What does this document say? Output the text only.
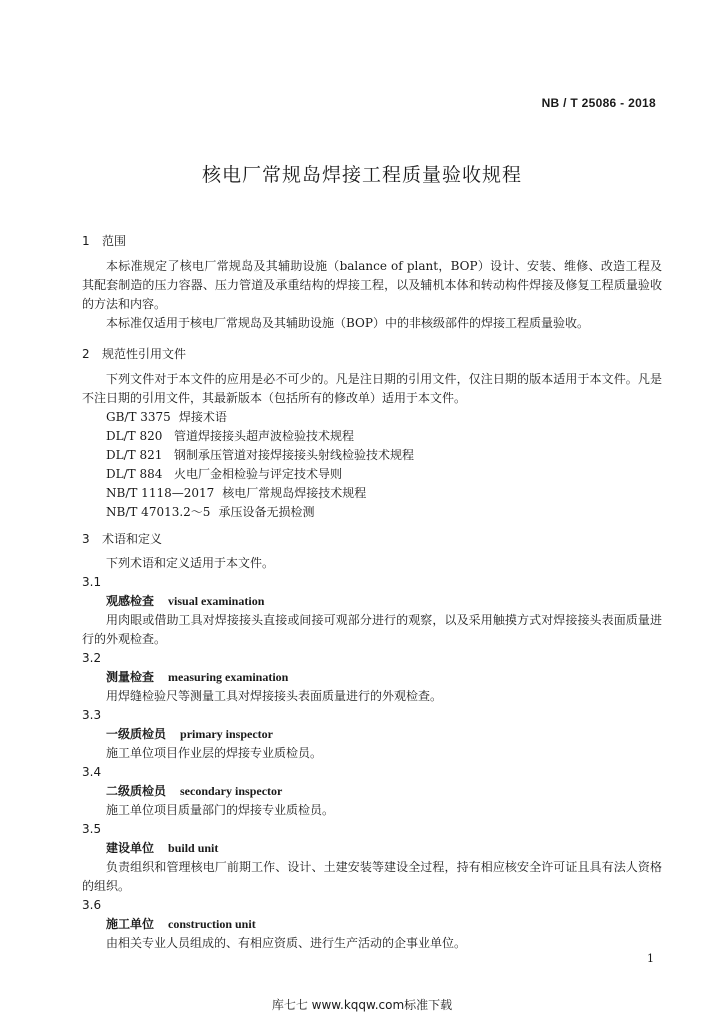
NB / T 25086 - 2018
核电厂常规岛焊接工程质量验收规程

1 范围

本标准规定了核电厂常规岛及其辅助设施（balance of plant，BOP）设计、安装、维修、改造工程及其配套制造的压力容器、压力管道及承重结构的焊接工程，以及辅机本体和转动构件焊接及修复工程质量验收的方法和内容。

本标准仅适用于核电厂常规岛及其辅助设施（BOP）中的非核级部件的焊接工程质量验收。

2 规范性引用文件

下列文件对于本文件的应用是必不可少的。凡是注日期的引用文件，仅注日期的版本适用于本文件。凡是不注日期的引用文件，其最新版本（包括所有的修改单）适用于本文件。

GB/T 3375 焊接术语

DL/T 820 管道焊接接头超声波检验技术规程

DL/T 821 钢制承压管道对接焊接接头射线检验技术规程

DL/T 884 火电厂金相检验与评定技术导则

NB/T 1118—2017 核电厂常规岛焊接技术规程

NB/T 47013.2～5 承压设备无损检测

3 术语和定义

下列术语和定义适用于本文件。

3.1

观感检查 visual examination

用肉眼或借助工具对焊接接头直接或间接可观部分进行的观察，以及采用触摸方式对焊接接头表面质量进行的外观检查。

3.2

测量检查 measuring examination

用焊缝检验尺等测量工具对焊接接头表面质量进行的外观检查。

3.3

一级质检员 primary inspector

施工单位项目作业层的焊接专业质检员。

3.4

二级质检员 secondary inspector

施工单位项目质量部门的焊接专业质检员。

3.5

建设单位 build unit

负责组织和管理核电厂前期工作、设计、土建安装等建设全过程，持有相应核安全许可证且具有法人资格的组织。

3.6

施工单位 construction unit

由相关专业人员组成的、有相应资质、进行生产活动的企事业单位。

1
库七七 www.kqqw.com标准下载
